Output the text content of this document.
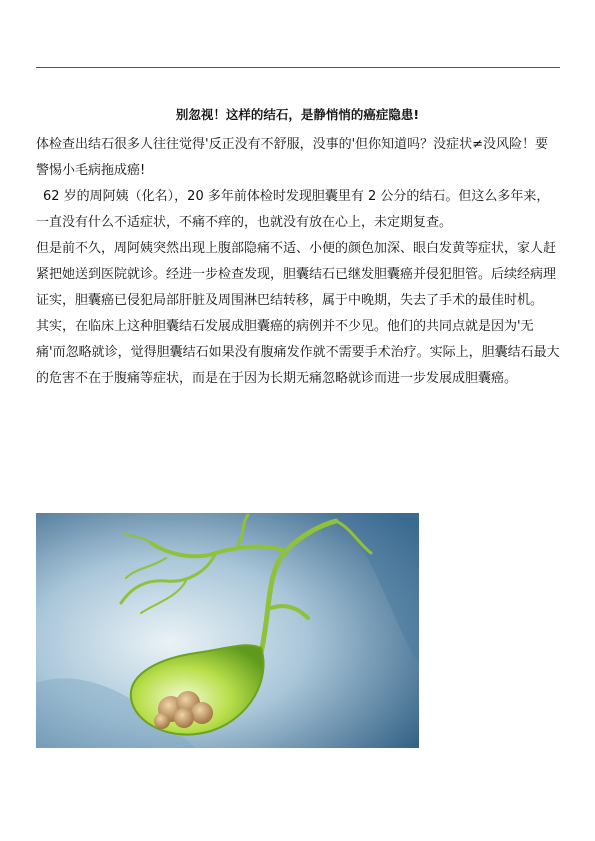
别忽视！这样的结石，是静悄悄的癌症隐患!

体检查出结石很多人往往觉得'反正没有不舒服，没事的'但你知道吗？没症状≠没风险！要警惕小毛病拖成癌!

62 岁的周阿姨（化名），20 多年前体检时发现胆囊里有 2 公分的结石。但这么多年来，一直没有什么不适症状，不痛不痒的，也就没有放在心上，未定期复查。

但是前不久，周阿姨突然出现上腹部隐痛不适、小便的颜色加深、眼白发黄等症状，家人赶紧把她送到医院就诊。经进一步检查发现，胆囊结石已继发胆囊癌并侵犯胆管。后续经病理证实，胆囊癌已侵犯局部肝脏及周围淋巴结转移，属于中晚期，失去了手术的最佳时机。

其实，在临床上这种胆囊结石发展成胆囊癌的病例并不少见。他们的共同点就是因为'无痛'而忽略就诊，觉得胆囊结石如果没有腹痛发作就不需要手术治疗。实际上，胆囊结石最大的危害不在于腹痛等症状，而是在于因为长期无痛忽略就诊而进一步发展成胆囊癌。
